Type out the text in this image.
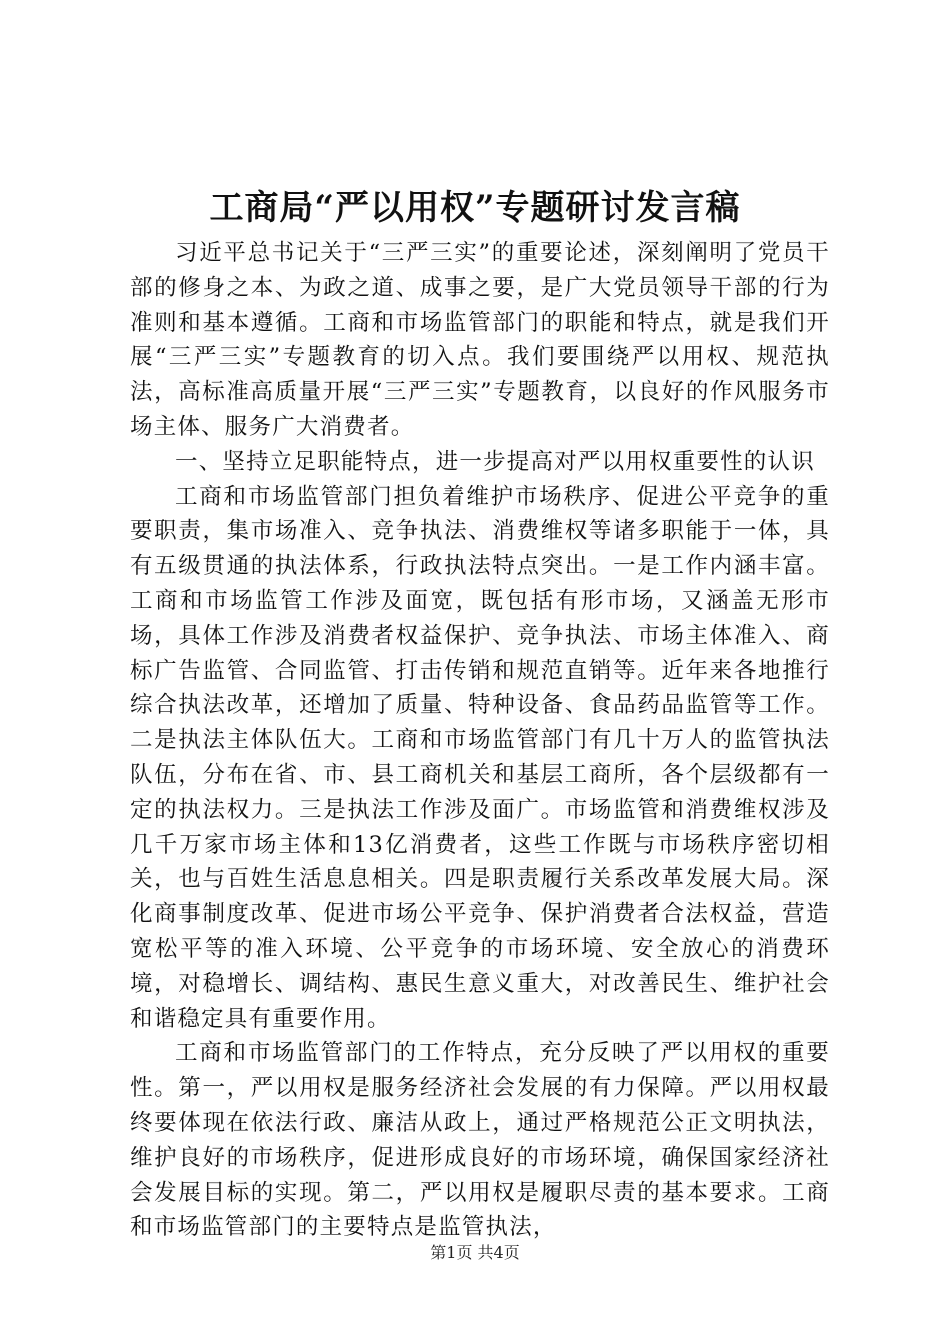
工商局“严以用权”专题研讨发言稿

习近平总书记关于“三严三实”的重要论述，深刻阐明了党员干部的修身之本、为政之道、成事之要，是广大党员领导干部的行为准则和基本遵循。工商和市场监管部门的职能和特点，就是我们开展“三严三实”专题教育的切入点。我们要围绕严以用权、规范执法，高标准高质量开展“三严三实”专题教育，以良好的作风服务市场主体、服务广大消费者。

一、坚持立足职能特点，进一步提高对严以用权重要性的认识

工商和市场监管部门担负着维护市场秩序、促进公平竞争的重要职责，集市场准入、竞争执法、消费维权等诸多职能于一体，具有五级贯通的执法体系，行政执法特点突出。一是工作内涵丰富。工商和市场监管工作涉及面宽，既包括有形市场，又涵盖无形市场，具体工作涉及消费者权益保护、竞争执法、市场主体准入、商标广告监管、合同监管、打击传销和规范直销等。近年来各地推行综合执法改革，还增加了质量、特种设备、食品药品监管等工作。二是执法主体队伍大。工商和市场监管部门有几十万人的监管执法队伍，分布在省、市、县工商机关和基层工商所，各个层级都有一定的执法权力。三是执法工作涉及面广。市场监管和消费维权涉及几千万家市场主体和13亿消费者，这些工作既与市场秩序密切相关，也与百姓生活息息相关。四是职责履行关系改革发展大局。深化商事制度改革、促进市场公平竞争、保护消费者合法权益，营造宽松平等的准入环境、公平竞争的市场环境、安全放心的消费环境，对稳增长、调结构、惠民生意义重大，对改善民生、维护社会和谐稳定具有重要作用。

工商和市场监管部门的工作特点，充分反映了严以用权的重要性。第一，严以用权是服务经济社会发展的有力保障。严以用权最终要体现在依法行政、廉洁从政上，通过严格规范公正文明执法，维护良好的市场秩序，促进形成良好的市场环境，确保国家经济社会发展目标的实现。第二，严以用权是履职尽责的基本要求。工商和市场监管部门的主要特点是监管执法，

第1页 共4页
